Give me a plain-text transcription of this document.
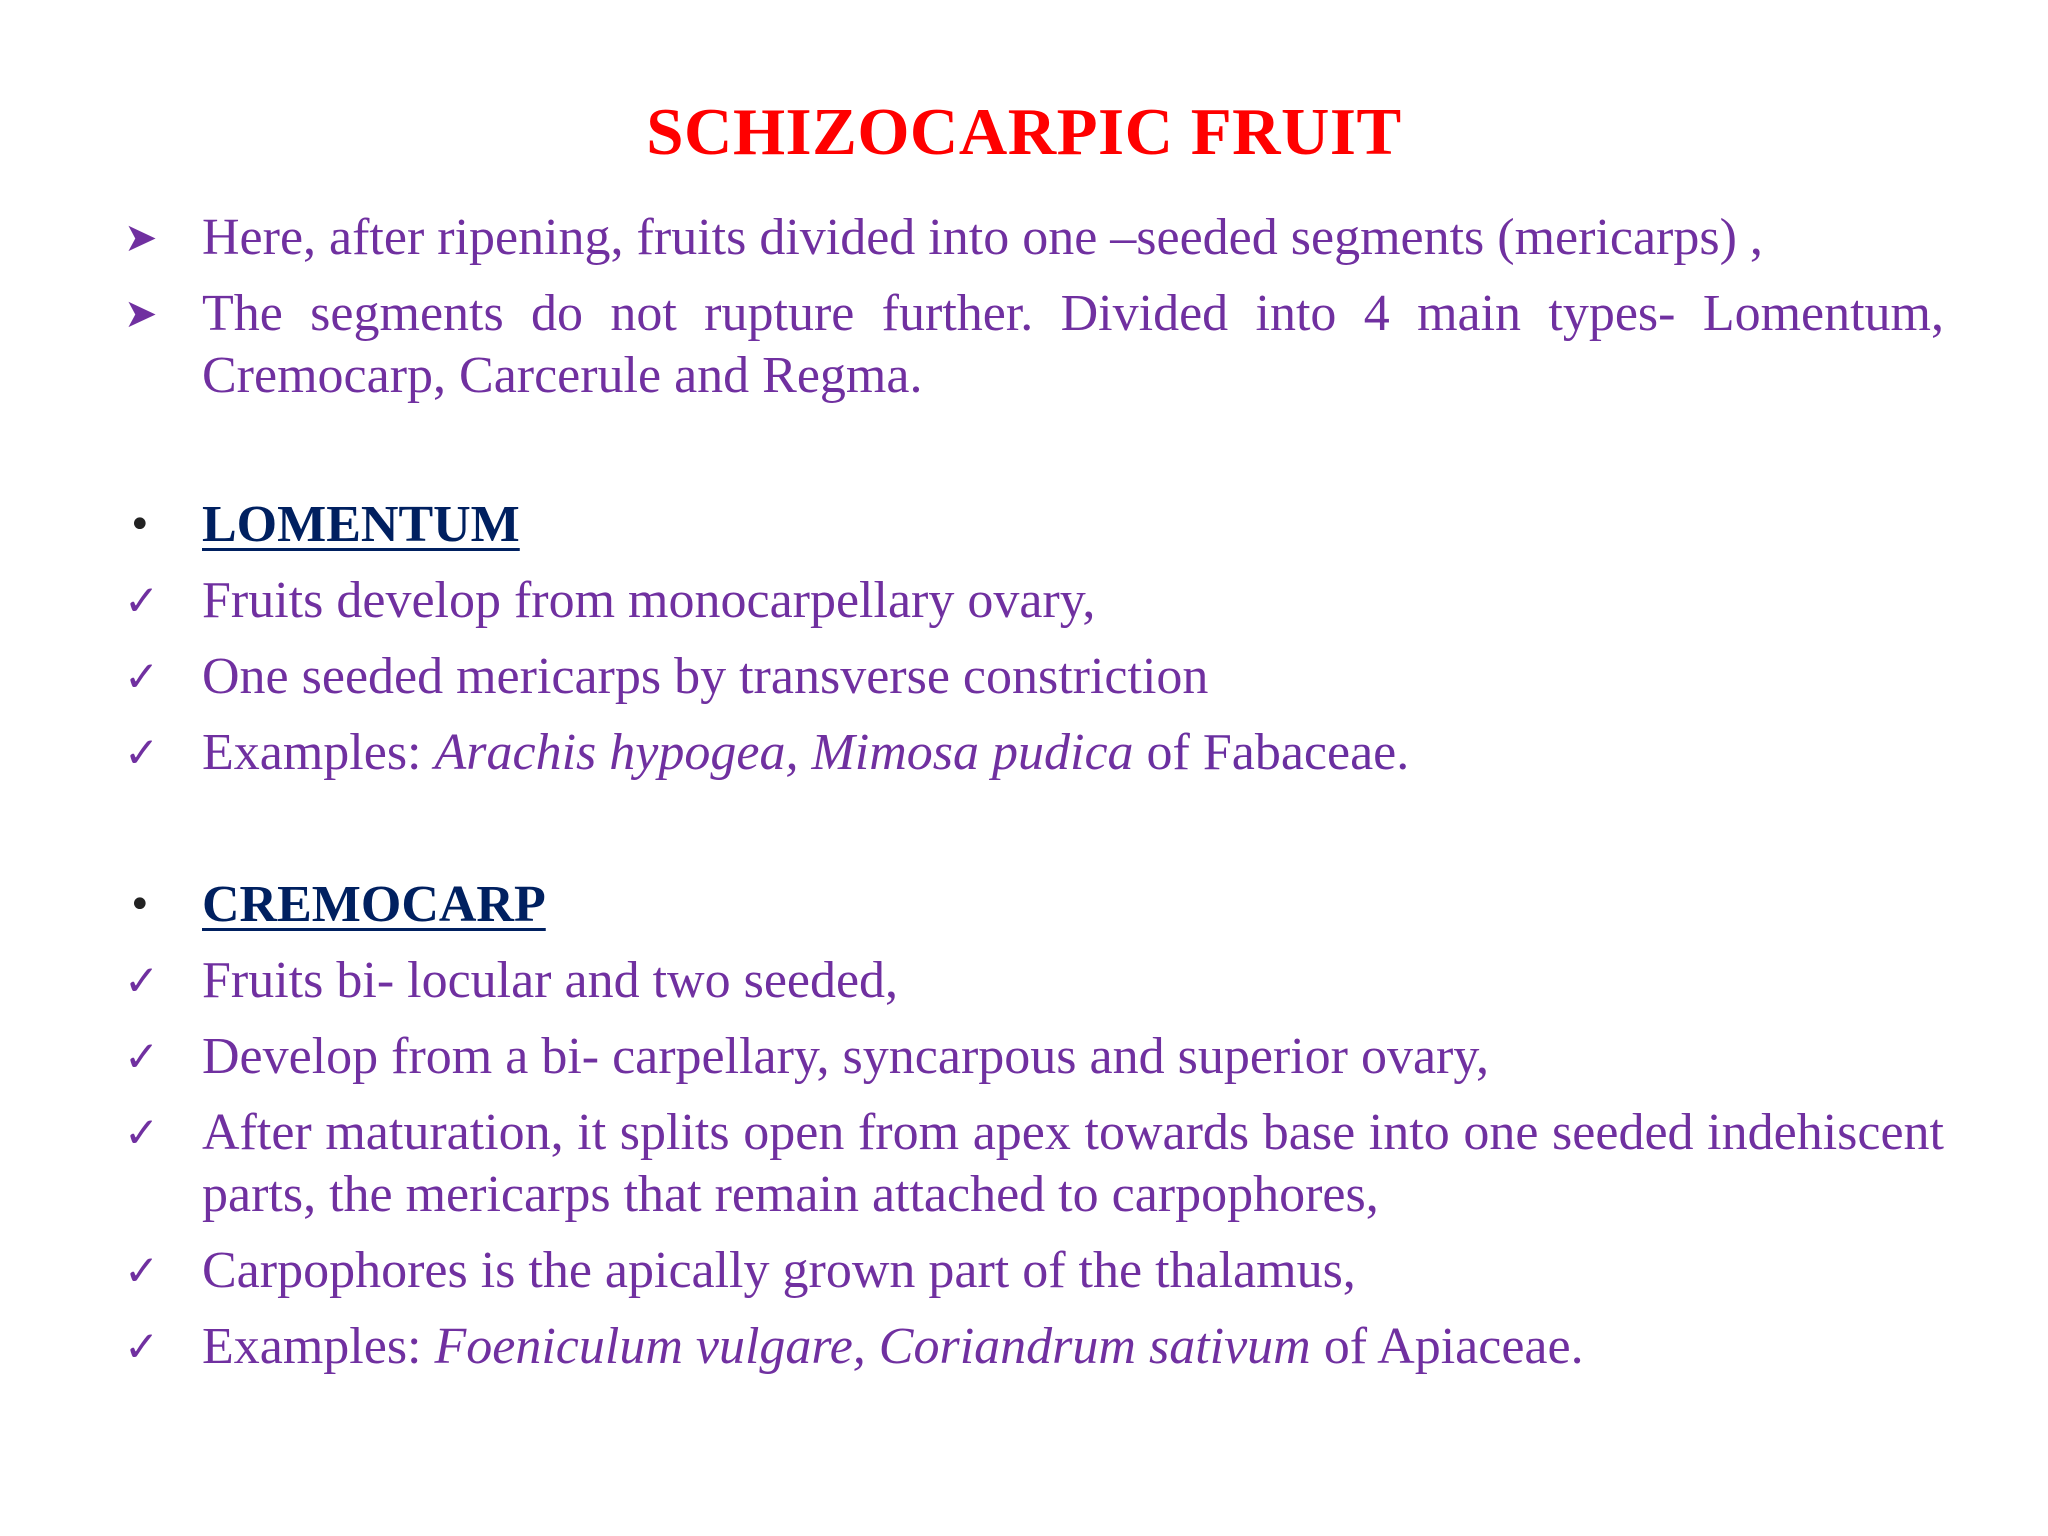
SCHIZOCARPIC FRUIT
➤ Here, after ripening, fruits divided into one –seeded segments (mericarps) ,
➤ The segments do not rupture further. Divided into 4 main types- Lomentum, Cremocarp, Carcerule and Regma.
• LOMENTUM
✓ Fruits develop from monocarpellary ovary,
✓ One seeded mericarps by transverse constriction
✓ Examples: Arachis hypogea, Mimosa pudica of Fabaceae.
• CREMOCARP
✓ Fruits bi- locular and two seeded,
✓ Develop from a bi- carpellary, syncarpous and superior ovary,
✓ After maturation, it splits open from apex towards base into one seeded indehiscent parts, the mericarps that remain attached to carpophores,
✓ Carpophores is the apically grown part of the thalamus,
✓ Examples: Foeniculum vulgare, Coriandrum sativum of Apiaceae.
